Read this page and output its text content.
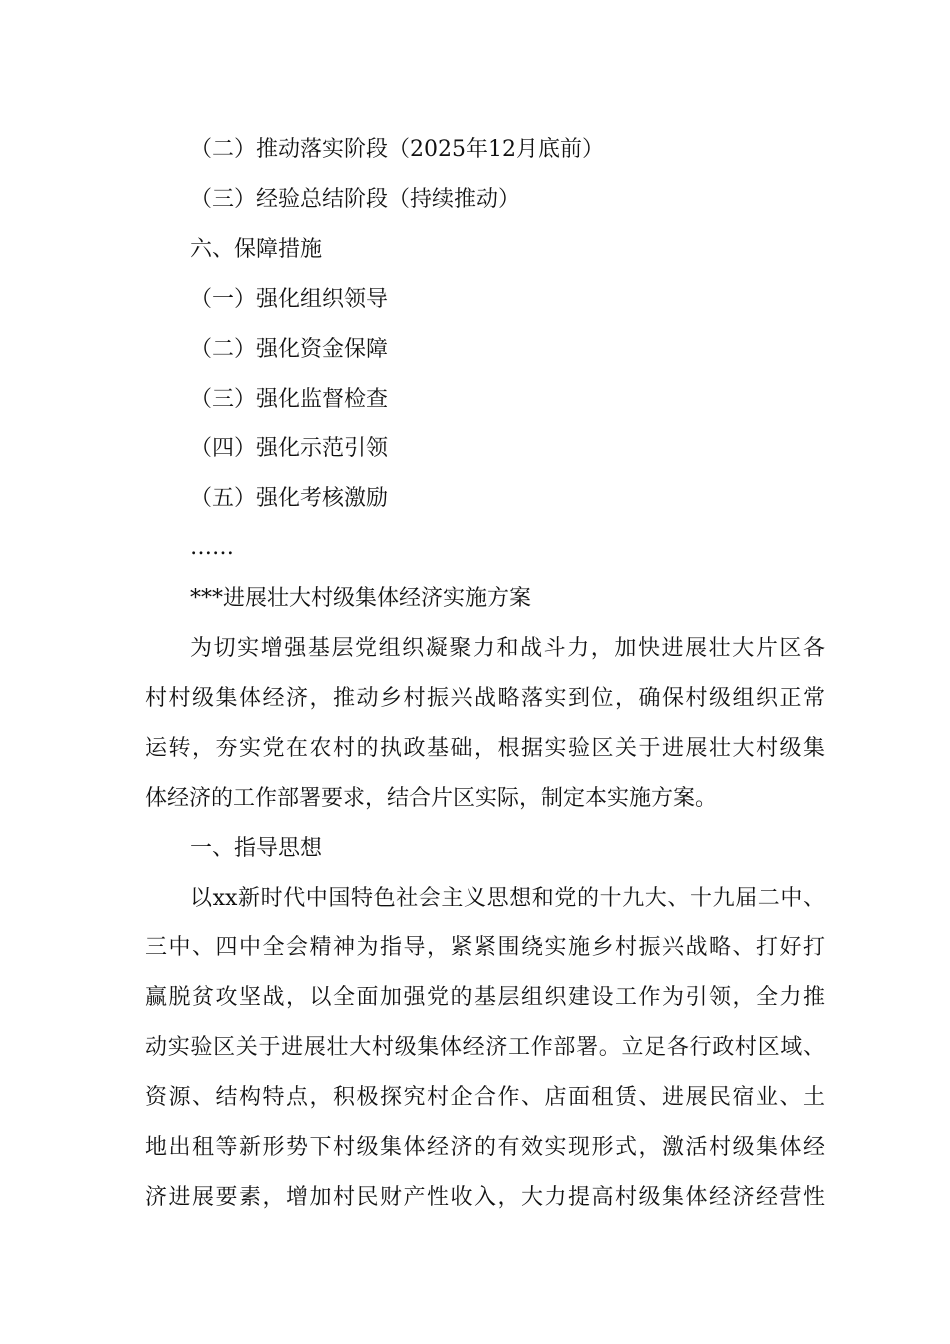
（二）推动落实阶段（2025年12月底前）
（三）经验总结阶段（持续推动）
六、保障措施
（一）强化组织领导
（二）强化资金保障
（三）强化监督检查
（四）强化示范引领
（五）强化考核激励
……
***进展壮大村级集体经济实施方案
为切实增强基层党组织凝聚力和战斗力，加快进展壮大片区各
村村级集体经济，推动乡村振兴战略落实到位，确保村级组织正常
运转，夯实党在农村的执政基础，根据实验区关于进展壮大村级集
体经济的工作部署要求，结合片区实际，制定本实施方案。
一、指导思想
以xx新时代中国特色社会主义思想和党的十九大、十九届二中、
三中、四中全会精神为指导，紧紧围绕实施乡村振兴战略、打好打
赢脱贫攻坚战，以全面加强党的基层组织建设工作为引领，全力推
动实验区关于进展壮大村级集体经济工作部署。立足各行政村区域、
资源、结构特点，积极探究村企合作、店面租赁、进展民宿业、土
地出租等新形势下村级集体经济的有效实现形式，激活村级集体经
济进展要素，增加村民财产性收入，大力提高村级集体经济经营性
